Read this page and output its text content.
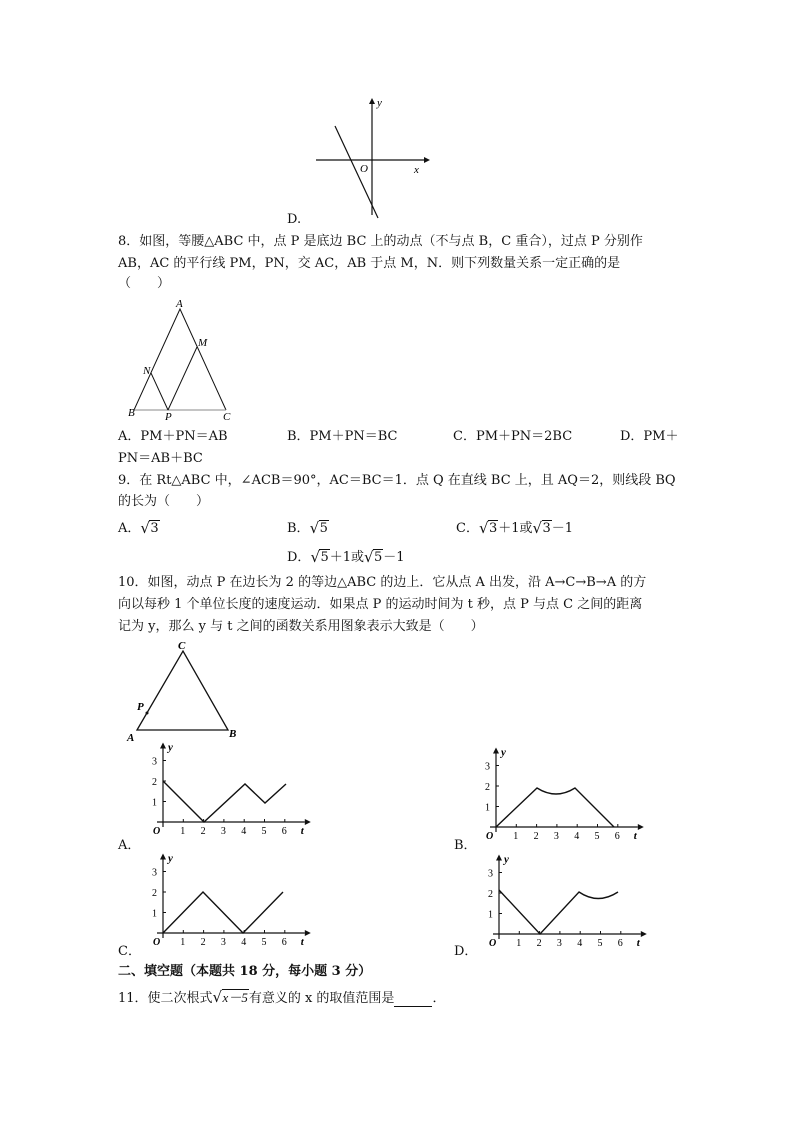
y
x
O
D.
8．如图，等腰△ABC 中，点 P 是底边 BC 上的动点（不与点 B，C 重合），过点 P 分别作
AB，AC 的平行线 PM，PN，交 AC，AB 于点 M，N．则下列数量关系一定正确的是
（　　）
A
M
N
B	P	C
A．PM＋PN＝AB	B．PM＋PN＝BC	C．PM＋PN＝2BC	D．PM＋
PN＝AB＋BC
9．在 Rt△ABC 中，∠ACB＝90°，AC＝BC＝1．点 Q 在直线 BC 上，且 AQ＝2，则线段 BQ
的长为（　　）
A． √ 3	B． √ 5	C． √ 3＋1或 √ 3－1
D． √ 5＋1或 √ 5－1
10．如图，动点 P 在边长为 2 的等边△ABC 的边上．它从点 A 出发，沿 A→C→B→A 的方
向以每秒 1 个单位长度的速度运动．如果点 P 的运动时间为 t 秒，点 P 与点 C 之间的距离
记为 y，那么 y 与 t 之间的函数关系用图象表示大致是（　　）
C
P
A	B
1 2 3 4 5 6
1
2
3
O
y
t	1 2 3 4 5 6
1
2
3
O
y
t
1 2 3 4 5 6
1
2
3
O
y
t	1 2 3 4 5 6
1
2
3
O
y
t
A．	B．
C．	D．
二、填空题（本题共 18 分，每小题 3 分）
11．使二次根式 √ x－5有意义的 x 的取值范围是	．
